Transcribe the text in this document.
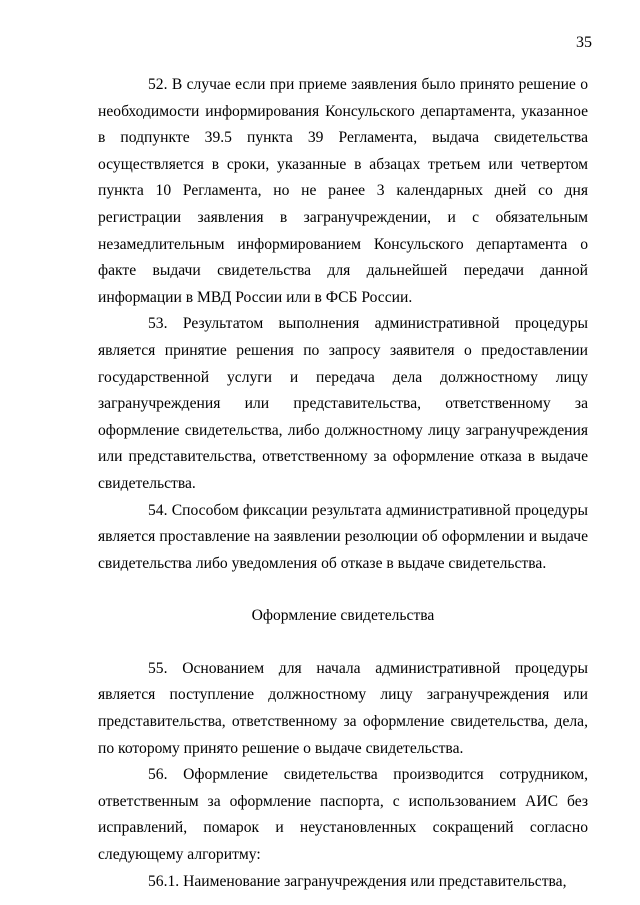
35

52. В случае если при приеме заявления было принято решение о необходимости информирования Консульского департамента, указанное в подпункте 39.5 пункта 39 Регламента, выдача свидетельства осуществляется в сроки, указанные в абзацах третьем или четвертом пункта 10 Регламента, но не ранее 3 календарных дней со дня регистрации заявления в загранучреждении, и с обязательным незамедлительным информированием Консульского департамента о факте выдачи свидетельства для дальнейшей передачи данной информации в МВД России или в ФСБ России.

53. Результатом выполнения административной процедуры является принятие решения по запросу заявителя о предоставлении государственной услуги и передача дела должностному лицу загранучреждения или представительства, ответственному за оформление свидетельства, либо должностному лицу загранучреждения или представительства, ответственному за оформление отказа в выдаче свидетельства.

54. Способом фиксации результата административной процедуры является проставление на заявлении резолюции об оформлении и выдаче свидетельства либо уведомления об отказе в выдаче свидетельства.

Оформление свидетельства

55. Основанием для начала административной процедуры является поступление должностному лицу загранучреждения или представительства, ответственному за оформление свидетельства, дела, по которому принято решение о выдаче свидетельства.

56. Оформление свидетельства производится сотрудником, ответственным за оформление паспорта, с использованием АИС без исправлений, помарок и неустановленных сокращений согласно следующему алгоритму:

56.1. Наименование загранучреждения или представительства,
